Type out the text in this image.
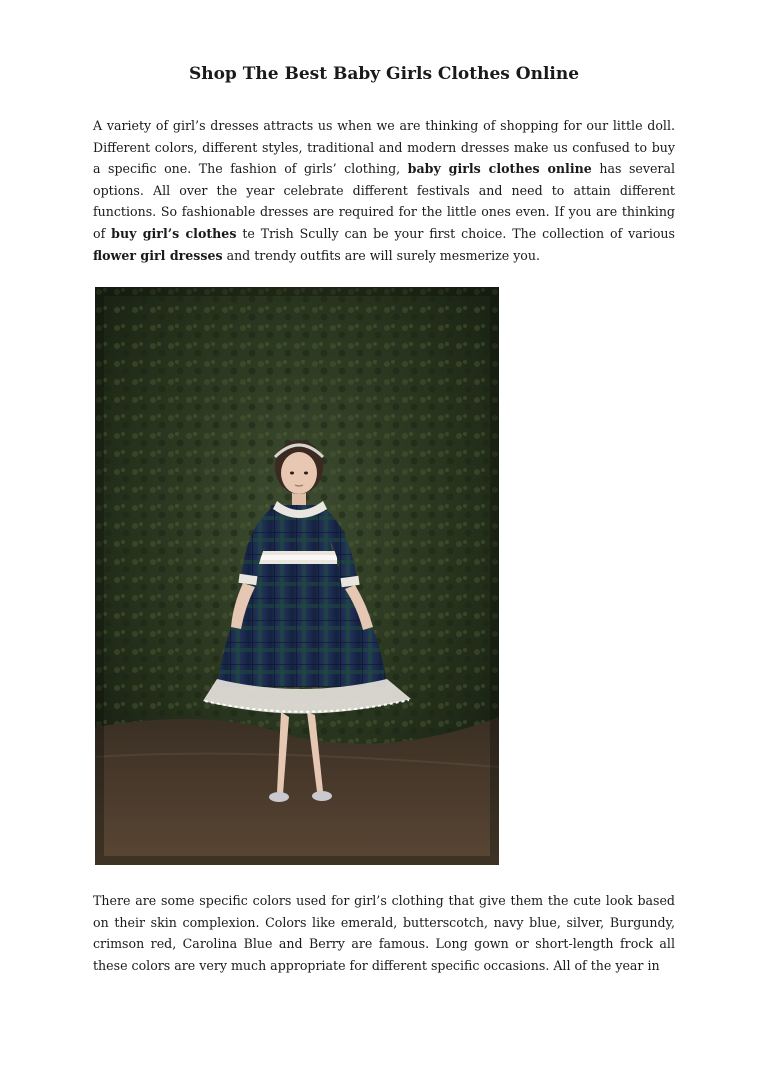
Shop The Best Baby Girls Clothes Online

A variety of girl’s dresses attracts us when we are thinking of shopping for our little doll. Different colors, different styles, traditional and modern dresses make us confused to buy a specific one. The fashion of girls’ clothing, baby girls clothes online has several options. All over the year celebrate different festivals and need to attain different functions. So fashionable dresses are required for the little ones even. If you are thinking of buy girl’s clothes te Trish Scully can be your first choice. The collection of various flower girl dresses and trendy outfits are will surely mesmerize you.

There are some specific colors used for girl’s clothing that give them the cute look based on their skin complexion. Colors like emerald, butterscotch, navy blue, silver, Burgundy, crimson red, Carolina Blue and Berry are famous. Long gown or short-length frock all these colors are very much appropriate for different specific occasions. All of the year in
